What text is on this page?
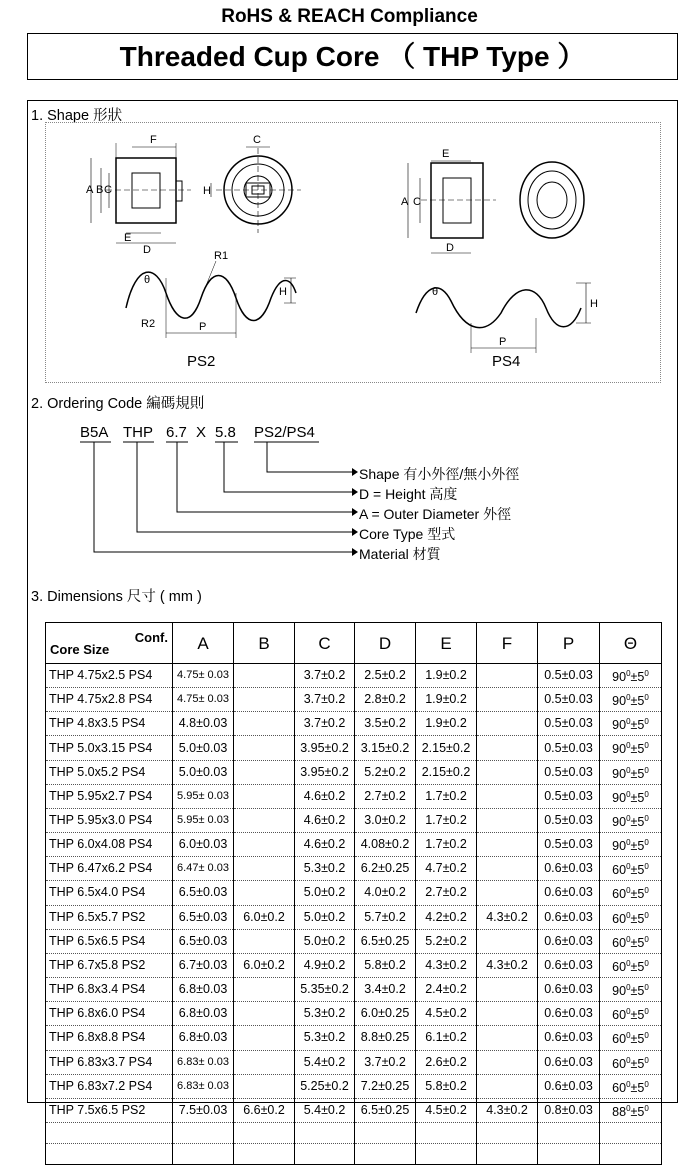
RoHS & REACH Compliance
Threaded Cup Core （ THP Type ）
1. Shape 形狀
F
A B C
E
D
C
H
E
A C
D
θ
R1
R2	P
H	θ
P
H
PS2	PS4
2. Ordering Code 編碼規則
B5A THP 6.7 X 5.8 PS2/PS4
Shape 有小外徑/無小外徑
D = Height 高度
A = Outer Diameter 外徑
Core Type 型式
Material 材質
3. Dimensions 尺寸 ( mm )
Conf.
Core Size	A	B	C	D	E	F	P	Θ
THP 4.75x2.5 PS4	4.75± 0.03		3.7±0.2	2.5±0.2	1.9±0.2		0.5±0.03	$90^0\pm 5^0$
THP 4.75x2.8 PS4	4.75± 0.03		3.7±0.2	2.8±0.2	1.9±0.2		0.5±0.03	$90^0\pm 5^0$
THP 4.8x3.5 PS4	4.8±0.03		3.7±0.2	3.5±0.2	1.9±0.2		0.5±0.03	$90^0\pm 5^0$
THP 5.0x3.15 PS4	5.0±0.03		3.95±0.2	3.15±0.2	2.15±0.2		0.5±0.03	$90^0\pm 5^0$
THP 5.0x5.2 PS4	5.0±0.03		3.95±0.2	5.2±0.2	2.15±0.2		0.5±0.03	$90^0\pm 5^0$
THP 5.95x2.7 PS4	5.95± 0.03		4.6±0.2	2.7±0.2	1.7±0.2		0.5±0.03	$90^0\pm 5^0$
THP 5.95x3.0 PS4	5.95± 0.03		4.6±0.2	3.0±0.2	1.7±0.2		0.5±0.03	$90^0\pm 5^0$
THP 6.0x4.08 PS4	6.0±0.03		4.6±0.2	4.08±0.2	1.7±0.2		0.5±0.03	$90^0\pm 5^0$
THP 6.47x6.2 PS4	6.47± 0.03		5.3±0.2	6.2±0.25	4.7±0.2		0.6±0.03	$60^0\pm 5^0$
THP 6.5x4.0 PS4	6.5±0.03		5.0±0.2	4.0±0.2	2.7±0.2		0.6±0.03	$60^0\pm 5^0$
THP 6.5x5.7 PS2	6.5±0.03	6.0±0.2	5.0±0.2	5.7±0.2	4.2±0.2	4.3±0.2	0.6±0.03	$60^0\pm 5^0$
THP 6.5x6.5 PS4	6.5±0.03		5.0±0.2	6.5±0.25	5.2±0.2		0.6±0.03	$60^0\pm 5^0$
THP 6.7x5.8 PS2	6.7±0.03	6.0±0.2	4.9±0.2	5.8±0.2	4.3±0.2	4.3±0.2	0.6±0.03	$60^0\pm 5^0$
THP 6.8x3.4 PS4	6.8±0.03		5.35±0.2	3.4±0.2	2.4±0.2		0.6±0.03	$90^0\pm 5^0$
THP 6.8x6.0 PS4	6.8±0.03		5.3±0.2	6.0±0.25	4.5±0.2		0.6±0.03	$60^0\pm 5^0$
THP 6.8x8.8 PS4	6.8±0.03		5.3±0.2	8.8±0.25	6.1±0.2		0.6±0.03	$60^0\pm 5^0$
THP 6.83x3.7 PS4	6.83± 0.03		5.4±0.2	3.7±0.2	2.6±0.2		0.6±0.03	$60^0\pm 5^0$
THP 6.83x7.2 PS4	6.83± 0.03		5.25±0.2	7.2±0.25	5.8±0.2		0.6±0.03	$60^0\pm 5^0$
THP 7.5x6.5 PS2	7.5±0.03	6.6±0.2	5.4±0.2	6.5±0.25	4.5±0.2	4.3±0.2	0.8±0.03	$88^0\pm 5^0$
